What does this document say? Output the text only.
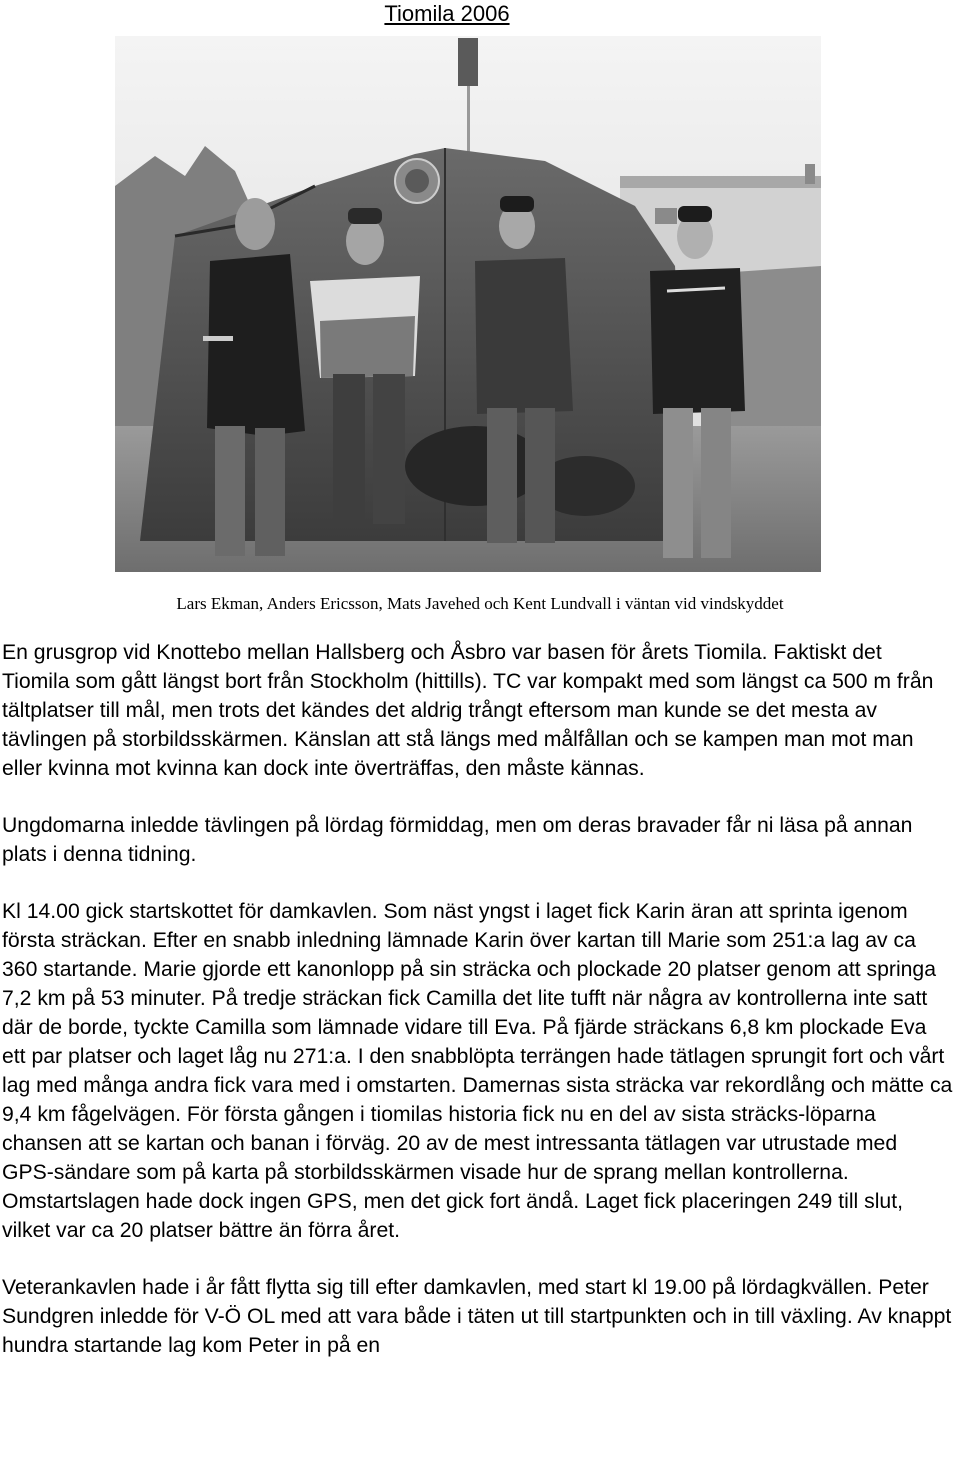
Tiomila 2006
Lars Ekman, Anders Ericsson, Mats Javehed och Kent Lundvall i väntan vid vindskyddet

En grusgrop vid Knottebo mellan Hallsberg och Åsbro var basen för årets Tiomila. Faktiskt det Tiomila som gått längst bort från Stockholm (hittills). TC var kompakt med som längst ca 500 m från tältplatser till mål, men trots det kändes det aldrig trångt eftersom man kunde se det mesta av tävlingen på storbildsskärmen. Känslan att stå längs med målfållan och se kampen man mot man eller kvinna mot kvinna kan dock inte överträffas, den måste kännas.

Ungdomarna inledde tävlingen på lördag förmiddag, men om deras bravader får ni läsa på annan plats i denna tidning.

Kl 14.00 gick startskottet för damkavlen. Som näst yngst i laget fick Karin äran att sprinta igenom första sträckan. Efter en snabb inledning lämnade Karin över kartan till Marie som 251:a lag av ca 360 startande. Marie gjorde ett kanonlopp på sin sträcka och plockade 20 platser genom att springa 7,2 km på 53 minuter. På tredje sträckan fick Camilla det lite tufft när några av kontrollerna inte satt där de borde, tyckte Camilla som lämnade vidare till Eva. På fjärde sträckans 6,8 km plockade Eva ett par platser och laget låg nu 271:a. I den snabblöpta terrängen hade tätlagen sprungit fort och vårt lag med många andra fick vara med i omstarten. Damernas sista sträcka var rekordlång och mätte ca 9,4 km fågelvägen. För första gången i tiomilas historia fick nu en del av sista sträcks-löparna chansen att se kartan och banan i förväg. 20 av de mest intressanta tätlagen var utrustade med GPS-sändare som på karta på storbildsskärmen visade hur de sprang mellan kontrollerna. Omstartslagen hade dock ingen GPS, men det gick fort ändå. Laget fick placeringen 249 till slut, vilket var ca 20 platser bättre än förra året.

Veterankavlen hade i år fått flytta sig till efter damkavlen, med start kl 19.00 på lördagkvällen. Peter Sundgren inledde för V-Ö OL med att vara både i täten ut till startpunkten och in till växling. Av knappt hundra startande lag kom Peter in på en
